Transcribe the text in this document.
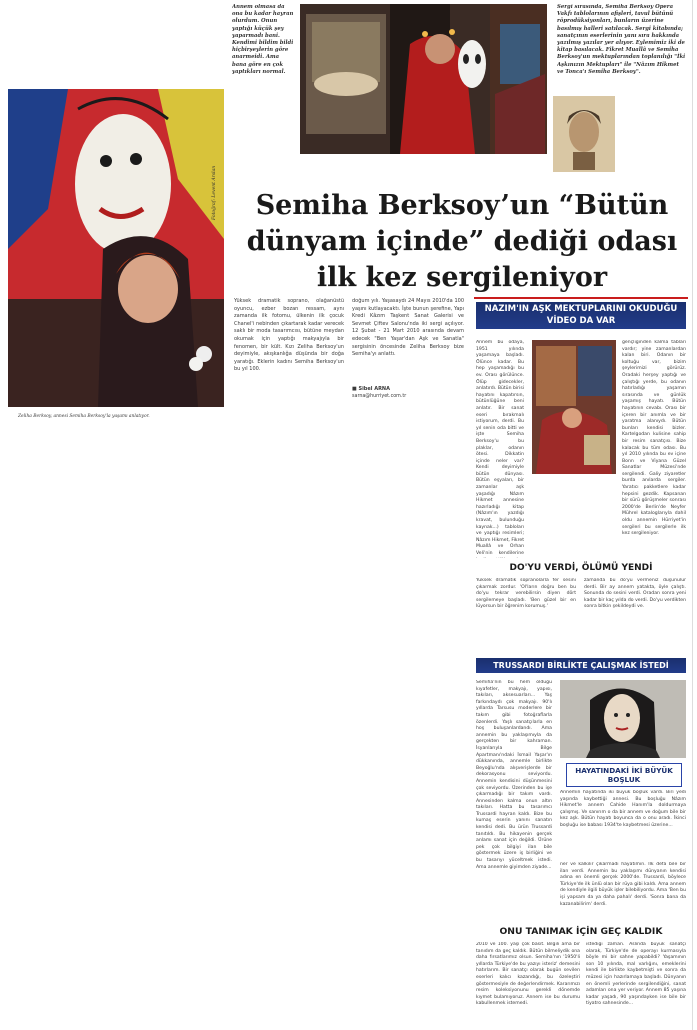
Annem olmasa da ona bu kadar hayran olurdum. Onun yaptığı küçük şey yaparmadı bani. Kendimi bildim bildi hiçbirşeylerin göre anarmeidi. Ama bana göre en çok yaptıkları normal.
Sergi sırasında, Semiha Berksoy Opera Vakfı tablolarının afişleri, tavul bütünü röprodüksiyonları, bunların üzerine basılmış halleri satılacak. Sergi kitabında; sanatçının eserlerinin yanı sıra hakkında yazılmış yazılar yer alıyor. Eylemimiz iki de kitap basılacak. Fikret Muallâ ve Semiha Berksoy'un mektuplarından toplanılığı "İki Aşkınızın Mektupları" ile "Nâzım Hikmet ve Tonca'ı Semiha Berksoy".
Fotoğraf: Levent Arslan
Zeliha Berksoy, annesi Semiha Berksoy'la yaşamı anlatıyor.
Semiha Berksoy’un “Bütün
dünyam içinde” dediği odası
ilk kez sergileniyor
Yüksek dramatik soprano, olağanüstü oyuncu, ezber bozan ressam, aynı zamanda ilk fotomu, ülkenin ilk çocuk Chanel'i nebinden çıkartarak kadar verecek saklı bir moda tasarımcısı, bütüne meydan okumak için yaptığı makyajıyla bir fenomen, bir kült. Kızı Zeliha Berksoy'un deyimiyle, akışkanlığa düşünda bir doğa yaratığı. Eklerin kadını Semiha Berksoy'un bu yıl 100.
doğum yılı. Yaşasaydı 24 Mayıs 2010'da 100 yaşını kutlayacaktı. İşte bunun şerefine, Yapı Kredi Kâzım Taşkent Sanat Galerisi ve Sevmet Çiftev Salonu'nda iki sergi açılıyor. 12 Şubat - 21 Mart 2010 arasında devam edecek "Ben Yaşar'dan Aşk ve Sanatla" sergisinin öncesinde Zeliha Berksoy bize Semiha'yı anlattı.
■ Sibel ARNA
sarna@hurriyet.com.tr
NAZIM'IN AŞK MEKTUPLARINI OKUDUĞU VİDEO DA VAR
Annem bu odaya, 1951 yılında yaşamaya başladı. Ölünce kadar. Bu hep yaşamadığı bu ev. Orası görülünce. Ölüp gidecekler, anlatırdı. Bütün birisi hayatını kapatırsın, bütünlüğüne beni anlatır. Bir sanat eseri bırakmalı istiyorum, derdi. Bu yıl senin oda bitti ve işte Semiha Berksoy'u bu plaklar, odanın ötesi. Dikkatin içinde neler var? Kendi deyimiyle bütün dünyası. Bütün eşyaları, bir zamanlar aşk yaşadığı Nâzım Hikmet annesine hazırladığı kitap (Nâzım'ın yazdığı kravat, bulunduğu kaynak...) tabloları ve yaptığı resimleri; Nâzım Hikmet, Fikret Muallâ ve Orhan Veli'nin kendilerine
gençliğinden kalma tabları vardır; yine zamanlardan kalan biri. Odanın bir koltuğu var, bizim şeylerimizi görürüz. Oradaki herşey yaptığı ve çalıştığı yerde, bu odanın hatırladığı yaşamın sırasında ve günlük yaşamış hayatı. Bütün hayatının cevabı. Orası bir içeren bir anımla ve bir yaratma alanıydı. Bütün bunları kendisi bizler. Kartelgodan kulisine sahip bir resim sanatçısı. Bize kalacak bu tüm odası. Bu yıl 2010 yılında bu ev içine Bonn ve Viyana Güzel Sanatlar Müzesi'nde sergilendi. Galiy ziyaretler burda anılarda sergiler. Yaratıcı pakketlere kadar hepsini gezdik. Kapsanan bir sürü görüşmeler sonrası 2000'de Berlin'de Neyfer Mührel kataloglarıyla dahil oldu annemin Hürriyet'in sergileri bu sergilerle ilk kez sergileniyor.
DO'YU VERDİ, ÖLÜMÜ YENDİ
Yüksek dramatik sopranolarla fer sesini çıkarmak zordur. 'Ol'ların doğru ben bu do'yu tekrar verebilirsin diyen dört sergilemeye başladı. 'Ben güzel bir en lüyorsun bir öğrenim korumuş.'
zamanda bu do'yu vermeniz düşünülür derdi. Bir ay annem yatakta, öyle çalıştı. Sonunda do sesini verdi. Oradan sonra yeni kadar bir kaç yılda do verdi. Do'yu verdikten sonra bitkin şekildeydi ve.
TRUSSARDI BİRLİKTE ÇALIŞMAK İSTEDİ
Semiha'nın bu hem olduğu kıyafetler, makyajı, yapısı, takıları, aksesuarları... Yaş farkındaydı çok makyajı. 90'lı yıllarda Tarsusu moderlere bir takım gibi fotoğraflarla özenlerdi. Yaşlı sanatçılarla en hoş buluşanlardandı. Ama annemin bu yaklaşımıyla da gerçekten bir kahraman. İsyanlarıyla Bilge Apartmanı'ndaki İsmail Yaşar'ın dükkanında, annemle birlikte Beyoğlu'nda alışverişlerde bir dekorasyonu seviyordu. Annemin kendisini düşünmesini çok seviyordu. Üzerinden bu işe çıkarmadığı bir takım vardı. Annesinden kalma onun altın takıları. Hatta bu tasarımcı Trussardi hayran kaldı. Bize bu kumaş eserin yanını sanatın kendisi dedi. Bu ürün Trussardi tanıtıldı. Bu hikayenin gerçek anlamı sanat için değildi. Ürüne pek çok bilgiyi ilan bile göstermek üzere iş birliğini ve bu tasarıyı yüceltmek istedi. Ama annemle giyimden ziyade...
HAYATINDAKİ İKİ BÜYÜK BOŞLUK
Annemin hayatında iki büyük boşluk vardı. Biri yedi yaşında kaybettiği annesi. Bu boşluğu Nâzım Hikmet'le annem Cahide Hanım'la doldurmaya çalışmış. Ve sanırım o da bir annem ve doğum bile bir kez aşk. Bütün hayatı boyunca da o onu aradı. İkinci boşluğu ise babası 1934'te kaybetmesi üzerine...
ner ve kalkılır çıkarmadı hayatımın. İlk defa bile bir ilan verdi. Annemin bu yaklaşımı dünyanın kendisi adına en önemli gerçek 2000'de. Trussardi, böylece Türkiye'de ilk ünlü olan bir rüya gibi kaldı. Ama annem de kendiyle ilgili büyük işler bilebiliyordu. Ama 'Ben bu işi yapsam da ya daha pahalı' derdi. 'Sonra bana da kazanabilirim' derdi.
ONU TANIMAK İÇİN GEÇ KALDIK
2010 ve 100. yaşı çok basit. Bilgili ama bir tanıdım da geç kaldık. Bütün bilmeliydik ona daha fırsatlarımız olsun. Semiha'nın '1950'li yıllarda Türkiye'de bu yazıyı isteriz' demesini hatırlarım. Bir sanatçı olarak bugün sevilen eserleri kalıcı kazandığı, bu özeleştiri göstermesiyle de değerlendirmek. Kararımızı resim koleksiyonunu gerekli dönemde kıymet bulamıyoruz. Annem ise bu durumu kabullenmek istemedi.
istediği zaman. Aslında büyük sanatçı olarak, Türkiye'de de operayı kurmasıyla böyle mi bir sahne yapabildi? Yaşamının son 10 yılında, mal varlığını, emeklerini kendi ile birlikte kaybetmişti ve sonra da müzesi için hazırlamaya başladı. Dünyanın en önemli yerlerinde sergilendiğini, sanat adamları ona yer veriyor. Annem 85 yaşına kadar yaşadı, 90 yaşındayken ise bile bir tiyatro sahnesinde...
